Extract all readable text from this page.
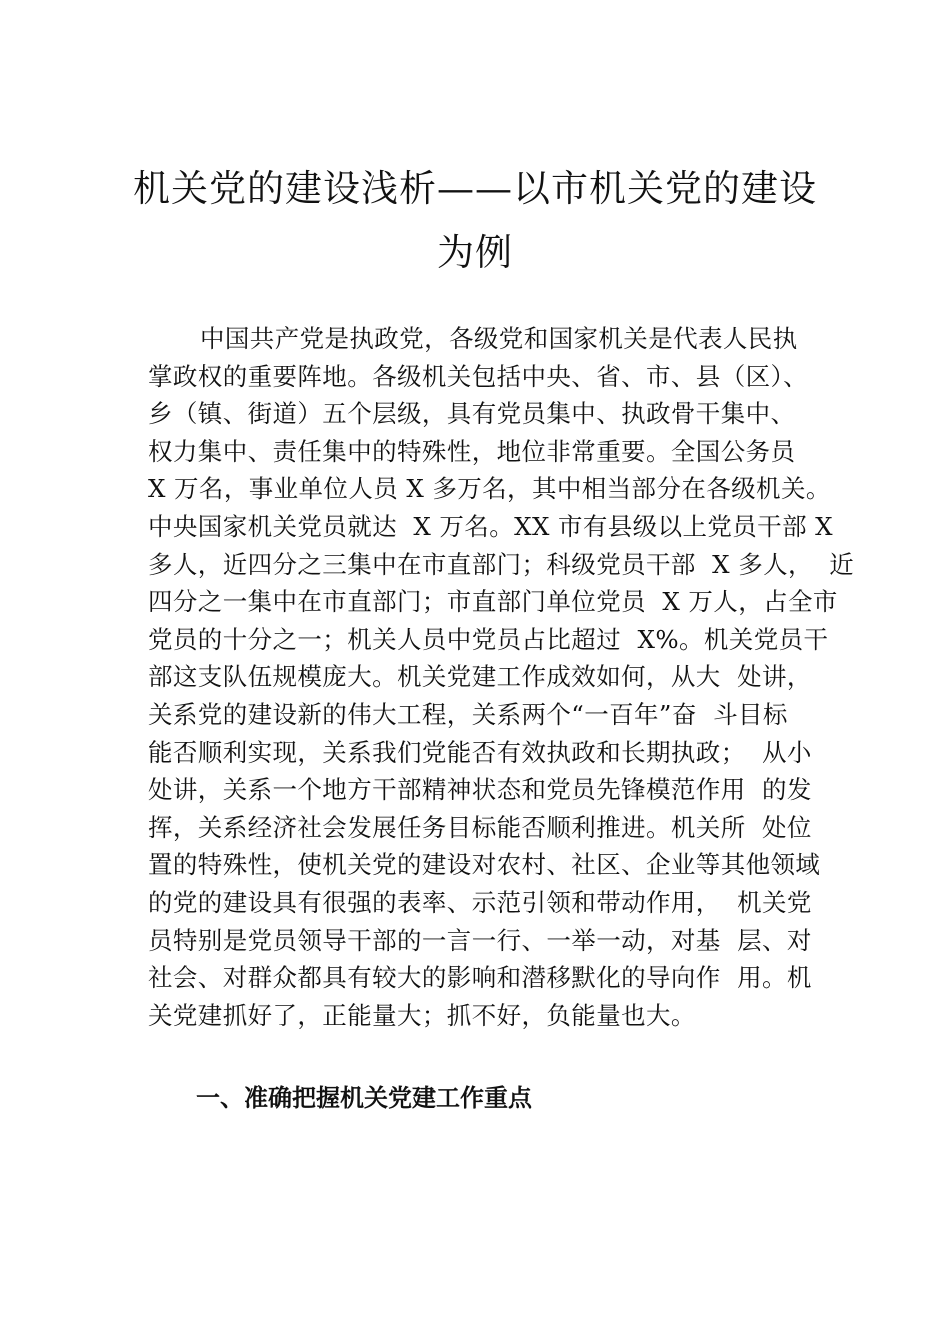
机关党的建设浅析——以市机关党的建设
为例
中国共产党是执政党，各级党和国家机关是代表人民执
掌政权的重要阵地。各级机关包括中央、省、市、县（区）、
乡（镇、街道）五个层级，具有党员集中、执政骨干集中、
权力集中、责任集中的特殊性，地位非常重要。全国公务员
X 万名，事业单位人员 X 多万名，其中相当部分在各级机关。
中央国家机关党员就达  X 万名。XX 市有县级以上党员干部 X
多人，近四分之三集中在市直部门；科级党员干部  X 多人，  近
四分之一集中在市直部门；市直部门单位党员  X 万人，占全市
党员的十分之一；机关人员中党员占比超过  X%。机关党员干
部这支队伍规模庞大。机关党建工作成效如何，从大  处讲，
关系党的建设新的伟大工程，关系两个“一百年”奋  斗目标
能否顺利实现，关系我们党能否有效执政和长期执政；  从小
处讲，关系一个地方干部精神状态和党员先锋模范作用  的发
挥，关系经济社会发展任务目标能否顺利推进。机关所  处位
置的特殊性，使机关党的建设对农村、社区、企业等其他领域
的党的建设具有很强的表率、示范引领和带动作用，  机关党
员特别是党员领导干部的一言一行、一举一动，对基  层、对
社会、对群众都具有较大的影响和潜移默化的导向作  用。机
关党建抓好了，正能量大；抓不好，负能量也大。
一、准确把握机关党建工作重点
